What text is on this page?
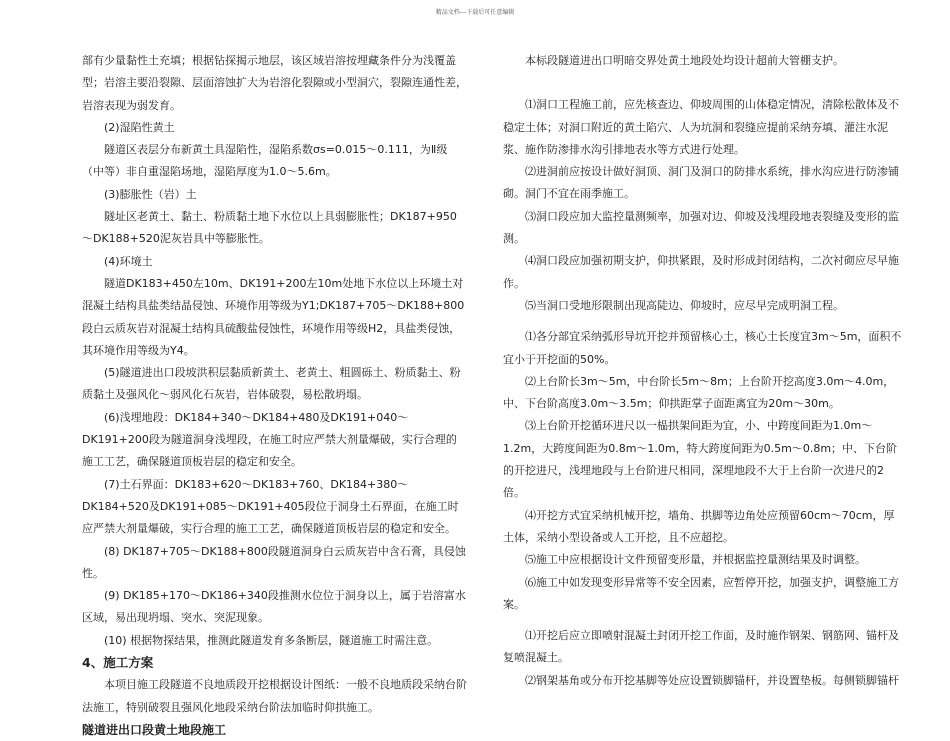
精品文档---下载后可任意编辑

部有少量黏性土充填；根据钻探揭示地层，该区域岩溶按埋藏条件分为浅覆盖型；岩溶主要沿裂隙、层面溶蚀扩大为岩溶化裂隙或小型洞穴，裂隙连通性差，岩溶表现为弱发育。

(2)湿陷性黄土

隧道区表层分布新黄土具湿陷性，湿陷系数σs=0.015～0.111，为Ⅱ级（中等）非自重湿陷场地，湿陷厚度为1.0～5.6m。

(3)膨胀性（岩）土

隧址区老黄土、黏土、粉质黏土地下水位以上具弱膨胀性；DK187+950～DK188+520泥灰岩具中等膨胀性。

(4)环境土

隧道DK183+450左10m、DK191+200左10m处地下水位以上环境土对混凝土结构具盐类结晶侵蚀、环境作用等级为Y1;DK187+705～DK188+800段白云质灰岩对混凝土结构具硫酸盐侵蚀性，环境作用等级H2，具盐类侵蚀，其环境作用等级为Y4。

(5)隧道进出口段坡洪积层黏质新黄土、老黄土、粗圆砾土、粉质黏土、粉质黏土及强风化～弱风化石灰岩，岩体破裂，易松散坍塌。

(6)浅埋地段：DK184+340～DK184+480及DK191+040～DK191+200段为隧道洞身浅埋段，在施工时应严禁大剂量爆破，实行合理的施工工艺，确保隧道顶板岩层的稳定和安全。

(7)土石界面：DK183+620～DK183+760、DK184+380～DK184+520及DK191+085～DK191+405段位于洞身土石界面，在施工时应严禁大剂量爆破，实行合理的施工工艺，确保隧道顶板岩层的稳定和安全。

(8) DK187+705～DK188+800段隧道洞身白云质灰岩中含石膏，具侵蚀性。

(9) DK185+170～DK186+340段推测水位位于洞身以上，属于岩溶富水区域，易出现坍塌、突水、突泥现象。

(10) 根据物探结果，推测此隧道发育多条断层，隧道施工时需注意。

4、施工方案

本项目施工段隧道不良地质段开挖根据设计图纸：一般不良地质段采纳台阶法施工，特别破裂且强风化地段采纳台阶法加临时仰拱施工。

隧道进出口段黄土地段施工

本标段隧道进出口明暗交界处黄土地段处均设计超前大管棚支护。

⑴洞口工程施工前，应先核查边、仰坡周围的山体稳定情况，清除松散体及不稳定土体；对洞口附近的黄土陷穴、人为坑洞和裂缝应提前采纳夯填、灌注水泥浆、施作防渗排水沟引排地表水等方式进行处理。

⑵进洞前应按设计做好洞顶、洞门及洞口的防排水系统，排水沟应进行防渗铺砌。洞门不宜在雨季施工。

⑶洞口段应加大监控量测频率，加强对边、仰坡及浅埋段地表裂缝及变形的监测。

⑷洞口段应加强初期支护，仰拱紧跟，及时形成封闭结构，二次衬砌应尽早施作。

⑸当洞口受地形限制出现高陡边、仰坡时，应尽早完成明洞工程。

⑴各分部宜采纳弧形导坑开挖并预留核心土，核心土长度宜3m～5m，面积不宜小于开挖面的50%。

⑵上台阶长3m～5m，中台阶长5m～8m；上台阶开挖高度3.0m～4.0m，中、下台阶高度3.0m～3.5m；仰拱距掌子面距离宜为20m～30m。

⑶上台阶开挖循环进尺以一榀拱架间距为宜，小、中跨度间距为1.0m～1.2m，大跨度间距为0.8m～1.0m，特大跨度间距为0.5m～0.8m；中、下台阶的开挖进尺，浅埋地段与上台阶进尺相同，深埋地段不大于上台阶一次进尺的2倍。

⑷开挖方式宜采纳机械开挖，墙角、拱脚等边角处应预留60cm～70cm，厚土体，采纳小型设备或人工开挖，且不应超挖。

⑸施工中应根据设计文件预留变形量，并根据监控量测结果及时调整。

⑹施工中如发现变形异常等不安全因素，应暂停开挖，加强支护，调整施工方案。

⑴开挖后应立即喷射混凝土封闭开挖工作面，及时施作钢架、钢筋网、锚杆及复喷混凝土。

⑵钢架基角或分布开挖基脚等处应设置锁脚锚杆，并设置垫板。每侧锁脚锚杆
